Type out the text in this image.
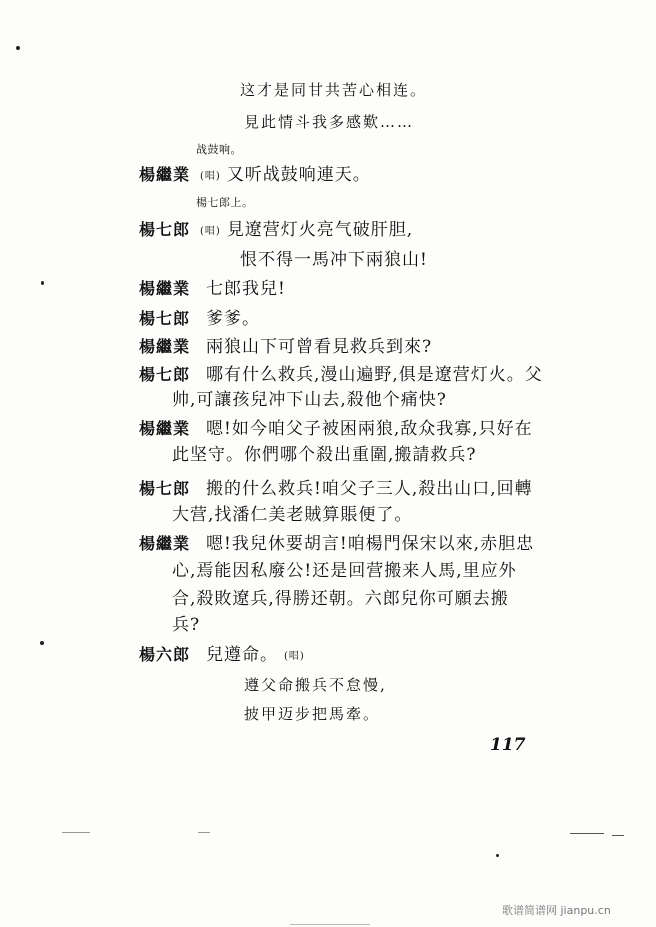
这才是同甘共苦心相连。
見此情斗我多感歎……
战鼓响。
楊繼業 (唱) 又听战鼓响連天。
楊七郎上。
楊七郎 (唱) 見遼营灯火亮气破肝胆,
恨不得一馬冲下兩狼山!
楊繼業 七郎我兒!
楊七郎 爹爹。
楊繼業 兩狼山下可曾看見救兵到來?
楊七郎 哪有什么救兵,漫山遍野,俱是遼营灯火。父
帅,可讓孩兒冲下山去,殺他个痛快?
楊繼業 嗯!如今咱父子被困兩狼,敌众我寡,只好在
此坚守。你們哪个殺出重圍,搬請救兵?
楊七郎 搬的什么救兵!咱父子三人,殺出山口,回轉
大营,找潘仁美老賊算賬便了。
楊繼業 嗯!我兒休要胡言!咱楊門保宋以來,赤胆忠
心,焉能因私廢公!还是回营搬来人馬,里应外
合,殺敗遼兵,得勝还朝。六郎兒你可願去搬
兵?
楊六郎 兒遵命。 (唱)
遵父命搬兵不怠慢,
披甲迈步把馬牽。
117
歌谱简谱网 jianpu.cn
